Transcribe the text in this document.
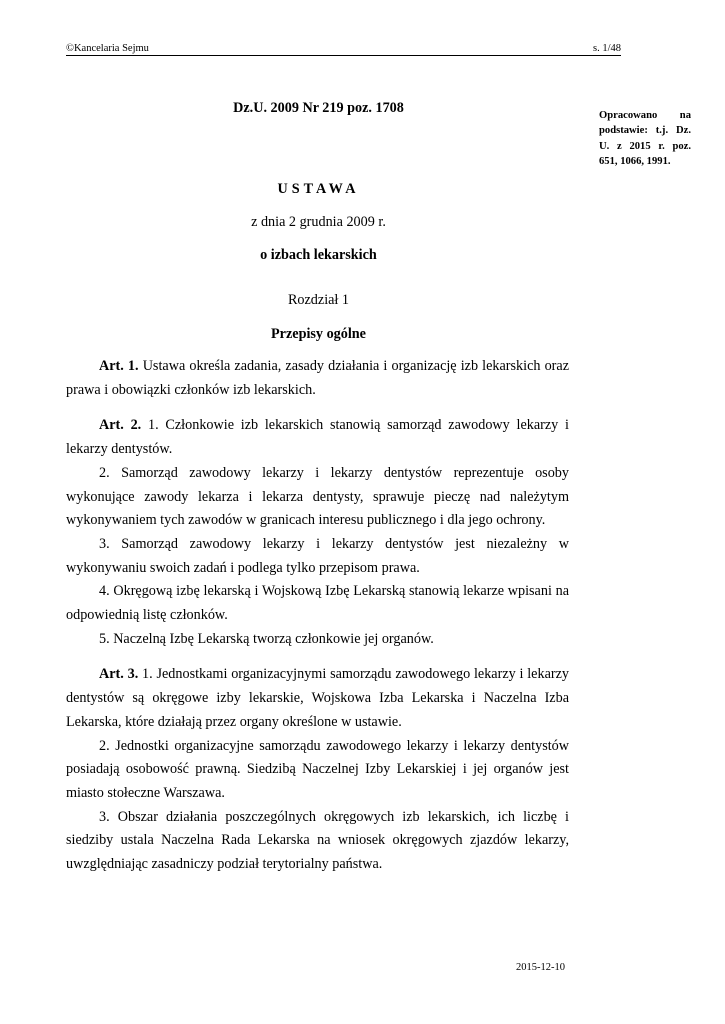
©Kancelaria Sejmu	s. 1/48
Dz.U. 2009 Nr 219 poz. 1708	Opracowano na podstawie: t.j. Dz. U. z 2015 r. poz. 651, 1066, 1991.
USTAWA
z dnia 2 grudnia 2009 r.
o izbach lekarskich
Rozdział 1
Przepisy ogólne

Art. 1. Ustawa określa zadania, zasady działania i organizację izb lekarskich oraz prawa i obowiązki członków izb lekarskich.

Art. 2. 1. Członkowie izb lekarskich stanowią samorząd zawodowy lekarzy i lekarzy dentystów.

2. Samorząd zawodowy lekarzy i lekarzy dentystów reprezentuje osoby wykonujące zawody lekarza i lekarza dentysty, sprawuje pieczę nad należytym wykonywaniem tych zawodów w granicach interesu publicznego i dla jego ochrony.

3. Samorząd zawodowy lekarzy i lekarzy dentystów jest niezależny w wykonywaniu swoich zadań i podlega tylko przepisom prawa.

4. Okręgową izbę lekarską i Wojskową Izbę Lekarską stanowią lekarze wpisani na odpowiednią listę członków.

5. Naczelną Izbę Lekarską tworzą członkowie jej organów.

Art. 3. 1. Jednostkami organizacyjnymi samorządu zawodowego lekarzy i lekarzy dentystów są okręgowe izby lekarskie, Wojskowa Izba Lekarska i Naczelna Izba Lekarska, które działają przez organy określone w ustawie.

2. Jednostki organizacyjne samorządu zawodowego lekarzy i lekarzy dentystów posiadają osobowość prawną. Siedzibą Naczelnej Izby Lekarskiej i jej organów jest miasto stołeczne Warszawa.

3. Obszar działania poszczególnych okręgowych izb lekarskich, ich liczbę i siedziby ustala Naczelna Rada Lekarska na wniosek okręgowych zjazdów lekarzy, uwzględniając zasadniczy podział terytorialny państwa.

2015-12-10
